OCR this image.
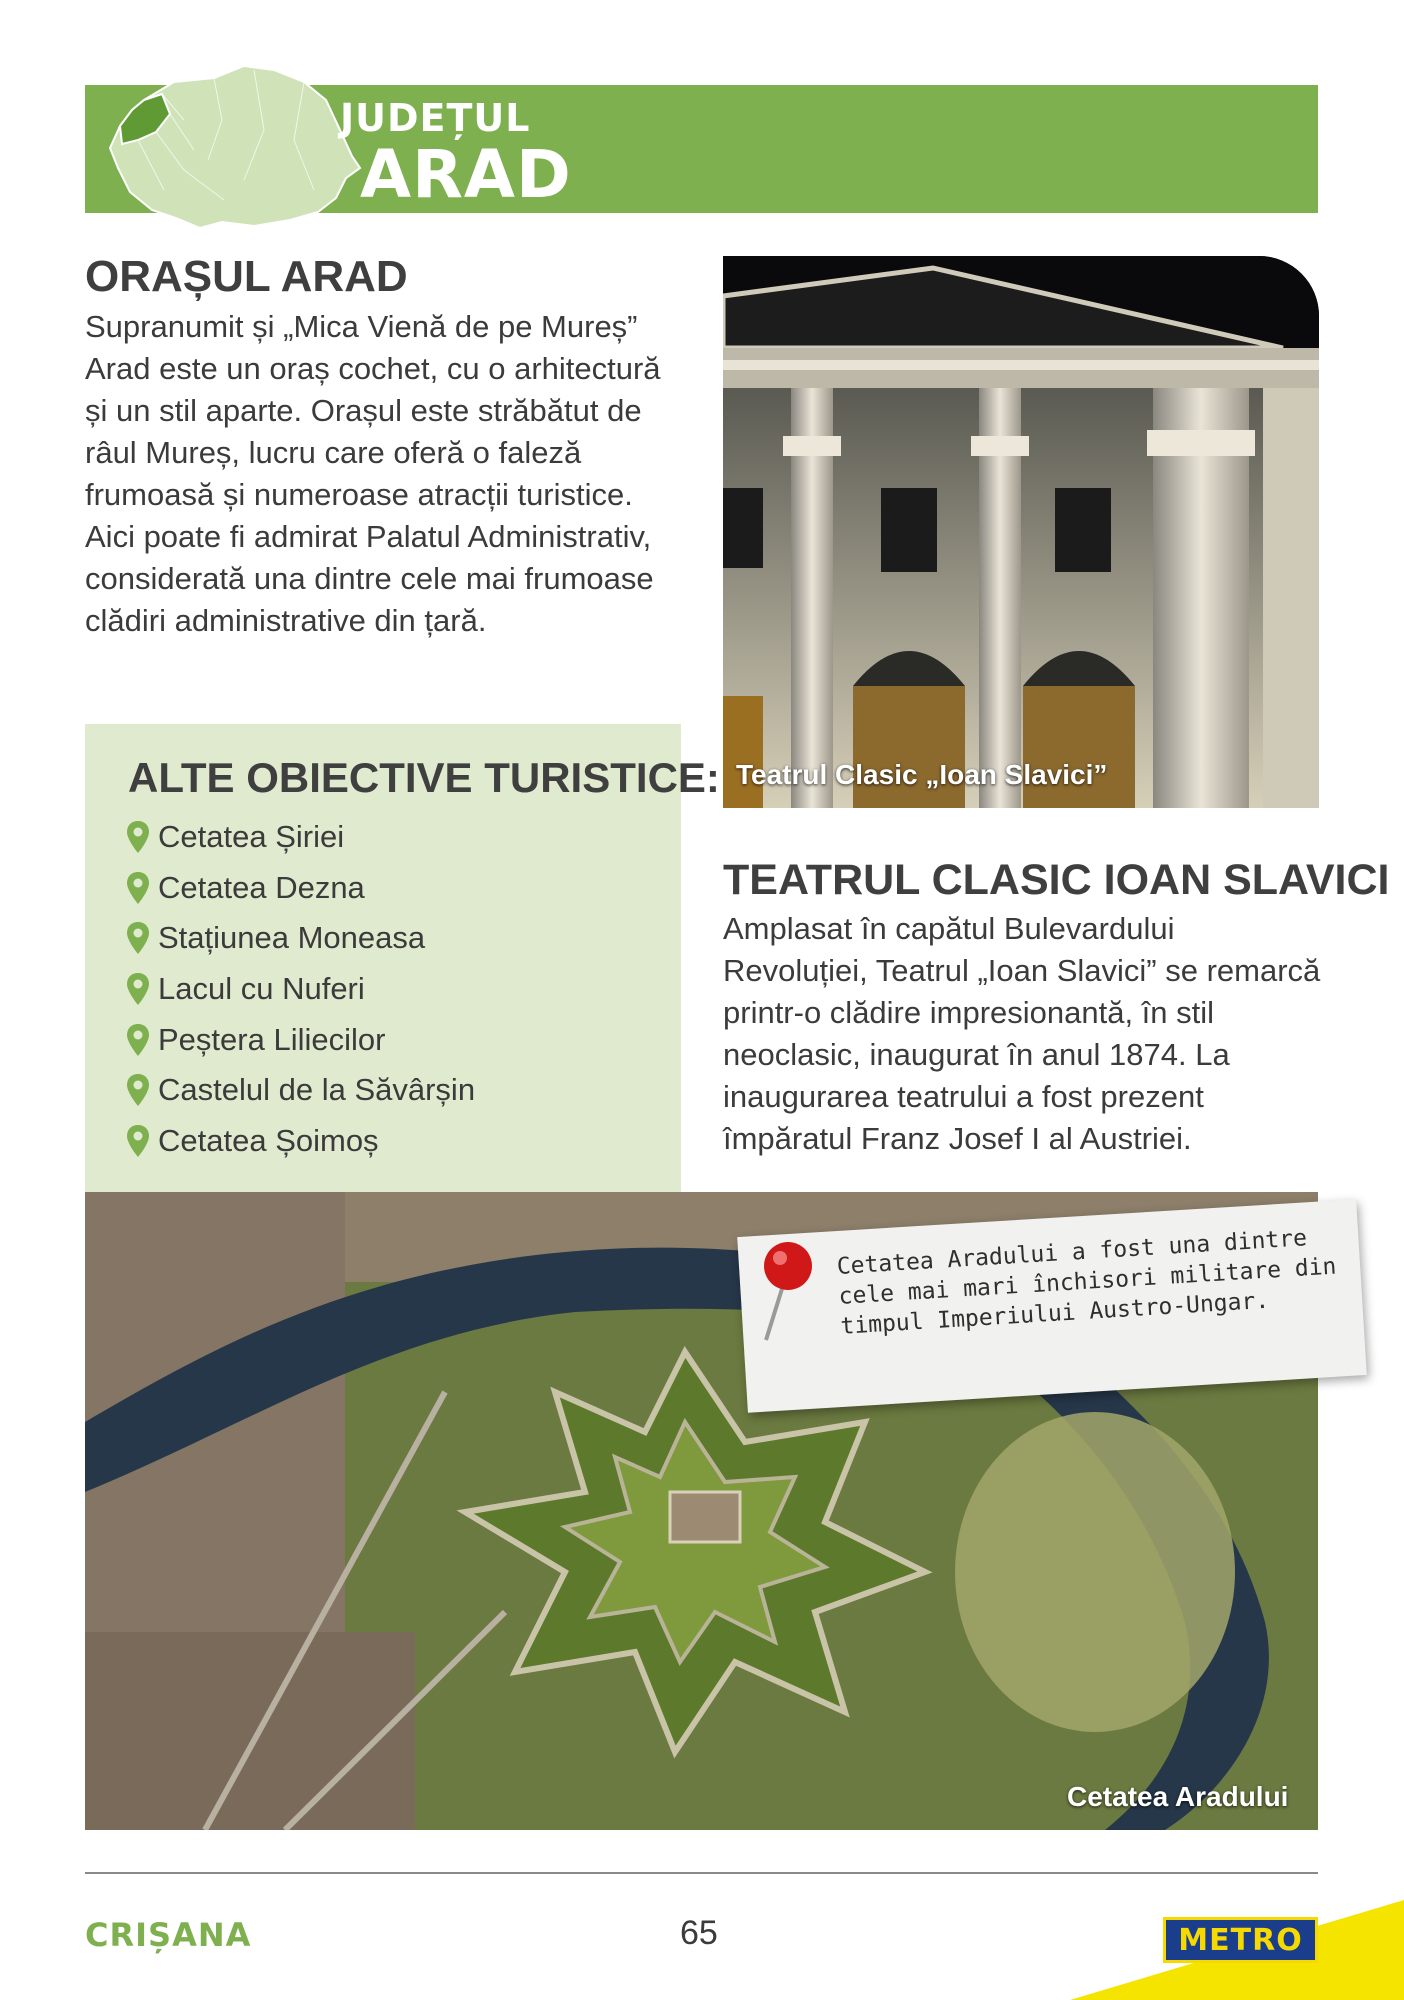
JUDEȚUL
ARAD
ORAȘUL ARAD

Supranumit și „Mica Vienă de pe Mureș” Arad este un oraș cochet, cu o arhitectură și un stil aparte. Orașul este străbătut de râul Mureș, lucru care oferă o faleză frumoasă și numeroase atracții turistice. Aici poate fi admirat Palatul Administrativ, considerată una dintre cele mai frumoase clădiri administrative din țară.

ALTE OBIECTIVE TURISTICE:
Cetatea Șiriei
Cetatea Dezna
Stațiunea Moneasa
Lacul cu Nuferi
Peștera Liliecilor
Castelul de la Săvârșin
Cetatea Șoimoș
Teatrul Clasic „Ioan Slavici”
TEATRUL CLASIC IOAN SLAVICI

Amplasat în capătul Bulevardului Revoluției, Teatrul „Ioan Slavici” se remarcă printr-o clădire impresionantă, în stil neoclasic, inaugurat în anul 1874. La inaugurarea teatrului a fost prezent împăratul Franz Josef I al Austriei.

Cetatea Aradului
Cetatea Aradului a fost una dintre cele mai mari închisori militare din timpul Imperiului Austro-Ungar.
CRIȘANA	65	METRO
